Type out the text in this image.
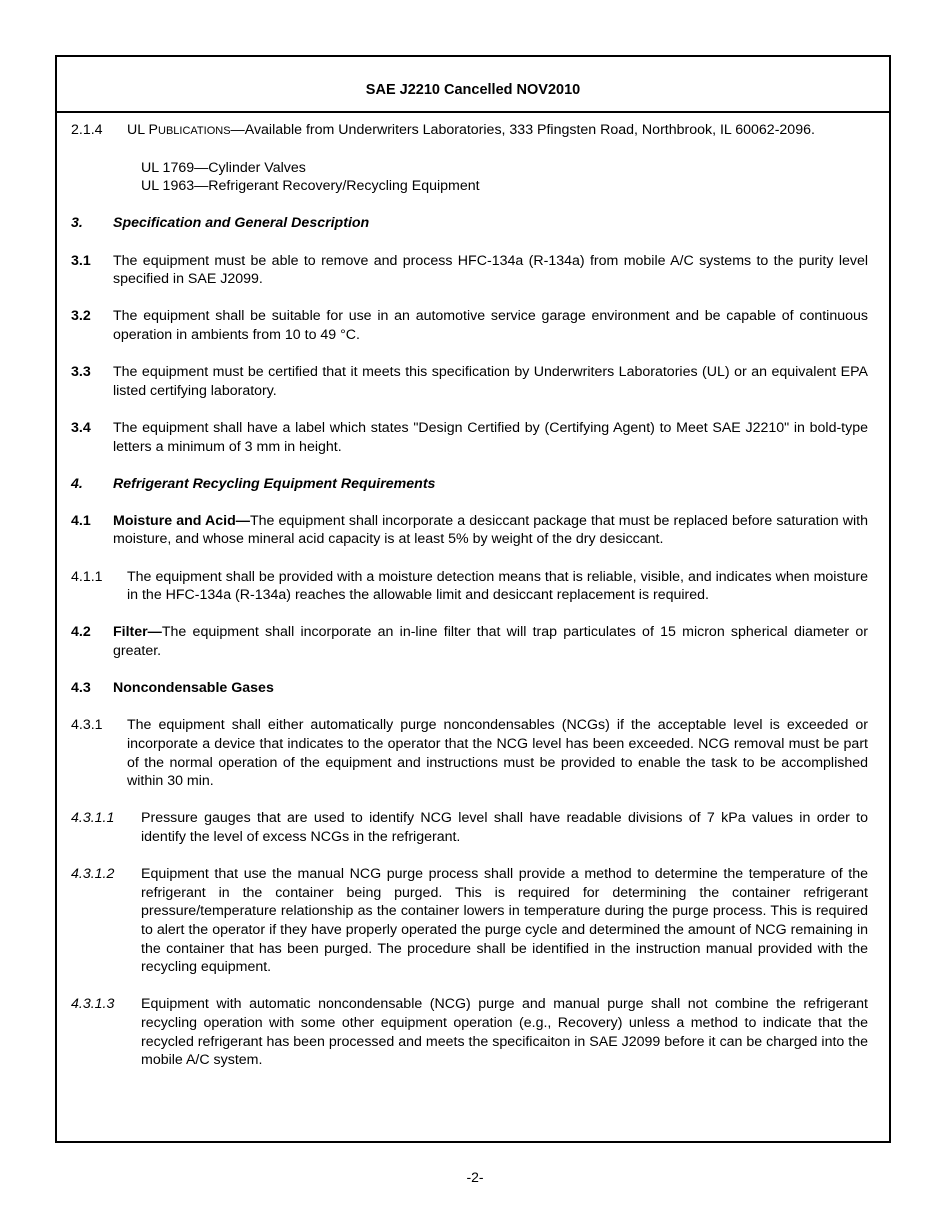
SAE J2210 Cancelled NOV2010
2.1.4	UL PUBLICATIONS—Available from Underwriters Laboratories, 333 Pfingsten Road, Northbrook, IL 60062-2096.
UL 1769—Cylinder Valves
UL 1963—Refrigerant Recovery/Recycling Equipment
3.	Specification and General Description
3.1	The equipment must be able to remove and process HFC-134a (R-134a) from mobile A/C systems to the purity level specified in SAE J2099.
3.2	The equipment shall be suitable for use in an automotive service garage environment and be capable of continuous operation in ambients from 10 to 49 °C.
3.3	The equipment must be certified that it meets this specification by Underwriters Laboratories (UL) or an equivalent EPA listed certifying laboratory.
3.4	The equipment shall have a label which states "Design Certified by (Certifying Agent) to Meet SAE J2210" in bold-type letters a minimum of 3 mm in height.
4.	Refrigerant Recycling Equipment Requirements
4.1	Moisture and Acid—The equipment shall incorporate a desiccant package that must be replaced before saturation with moisture, and whose mineral acid capacity is at least 5% by weight of the dry desiccant.
4.1.1	The equipment shall be provided with a moisture detection means that is reliable, visible, and indicates when moisture in the HFC-134a (R-134a) reaches the allowable limit and desiccant replacement is required.
4.2	Filter—The equipment shall incorporate an in-line filter that will trap particulates of 15 micron spherical diameter or greater.
4.3	Noncondensable Gases
4.3.1	The equipment shall either automatically purge noncondensables (NCGs) if the acceptable level is exceeded or incorporate a device that indicates to the operator that the NCG level has been exceeded. NCG removal must be part of the normal operation of the equipment and instructions must be provided to enable the task to be accomplished within 30 min.
4.3.1.1	Pressure gauges that are used to identify NCG level shall have readable divisions of 7 kPa values in order to identify the level of excess NCGs in the refrigerant.
4.3.1.2	Equipment that use the manual NCG purge process shall provide a method to determine the temperature of the refrigerant in the container being purged. This is required for determining the container refrigerant pressure/temperature relationship as the container lowers in temperature during the purge process. This is required to alert the operator if they have properly operated the purge cycle and determined the amount of NCG remaining in the container that has been purged. The procedure shall be identified in the instruction manual provided with the recycling equipment.
4.3.1.3	Equipment with automatic noncondensable (NCG) purge and manual purge shall not combine the refrigerant recycling operation with some other equipment operation (e.g., Recovery) unless a method to indicate that the recycled refrigerant has been processed and meets the specificaiton in SAE J2099 before it can be charged into the mobile A/C system.
-2-
